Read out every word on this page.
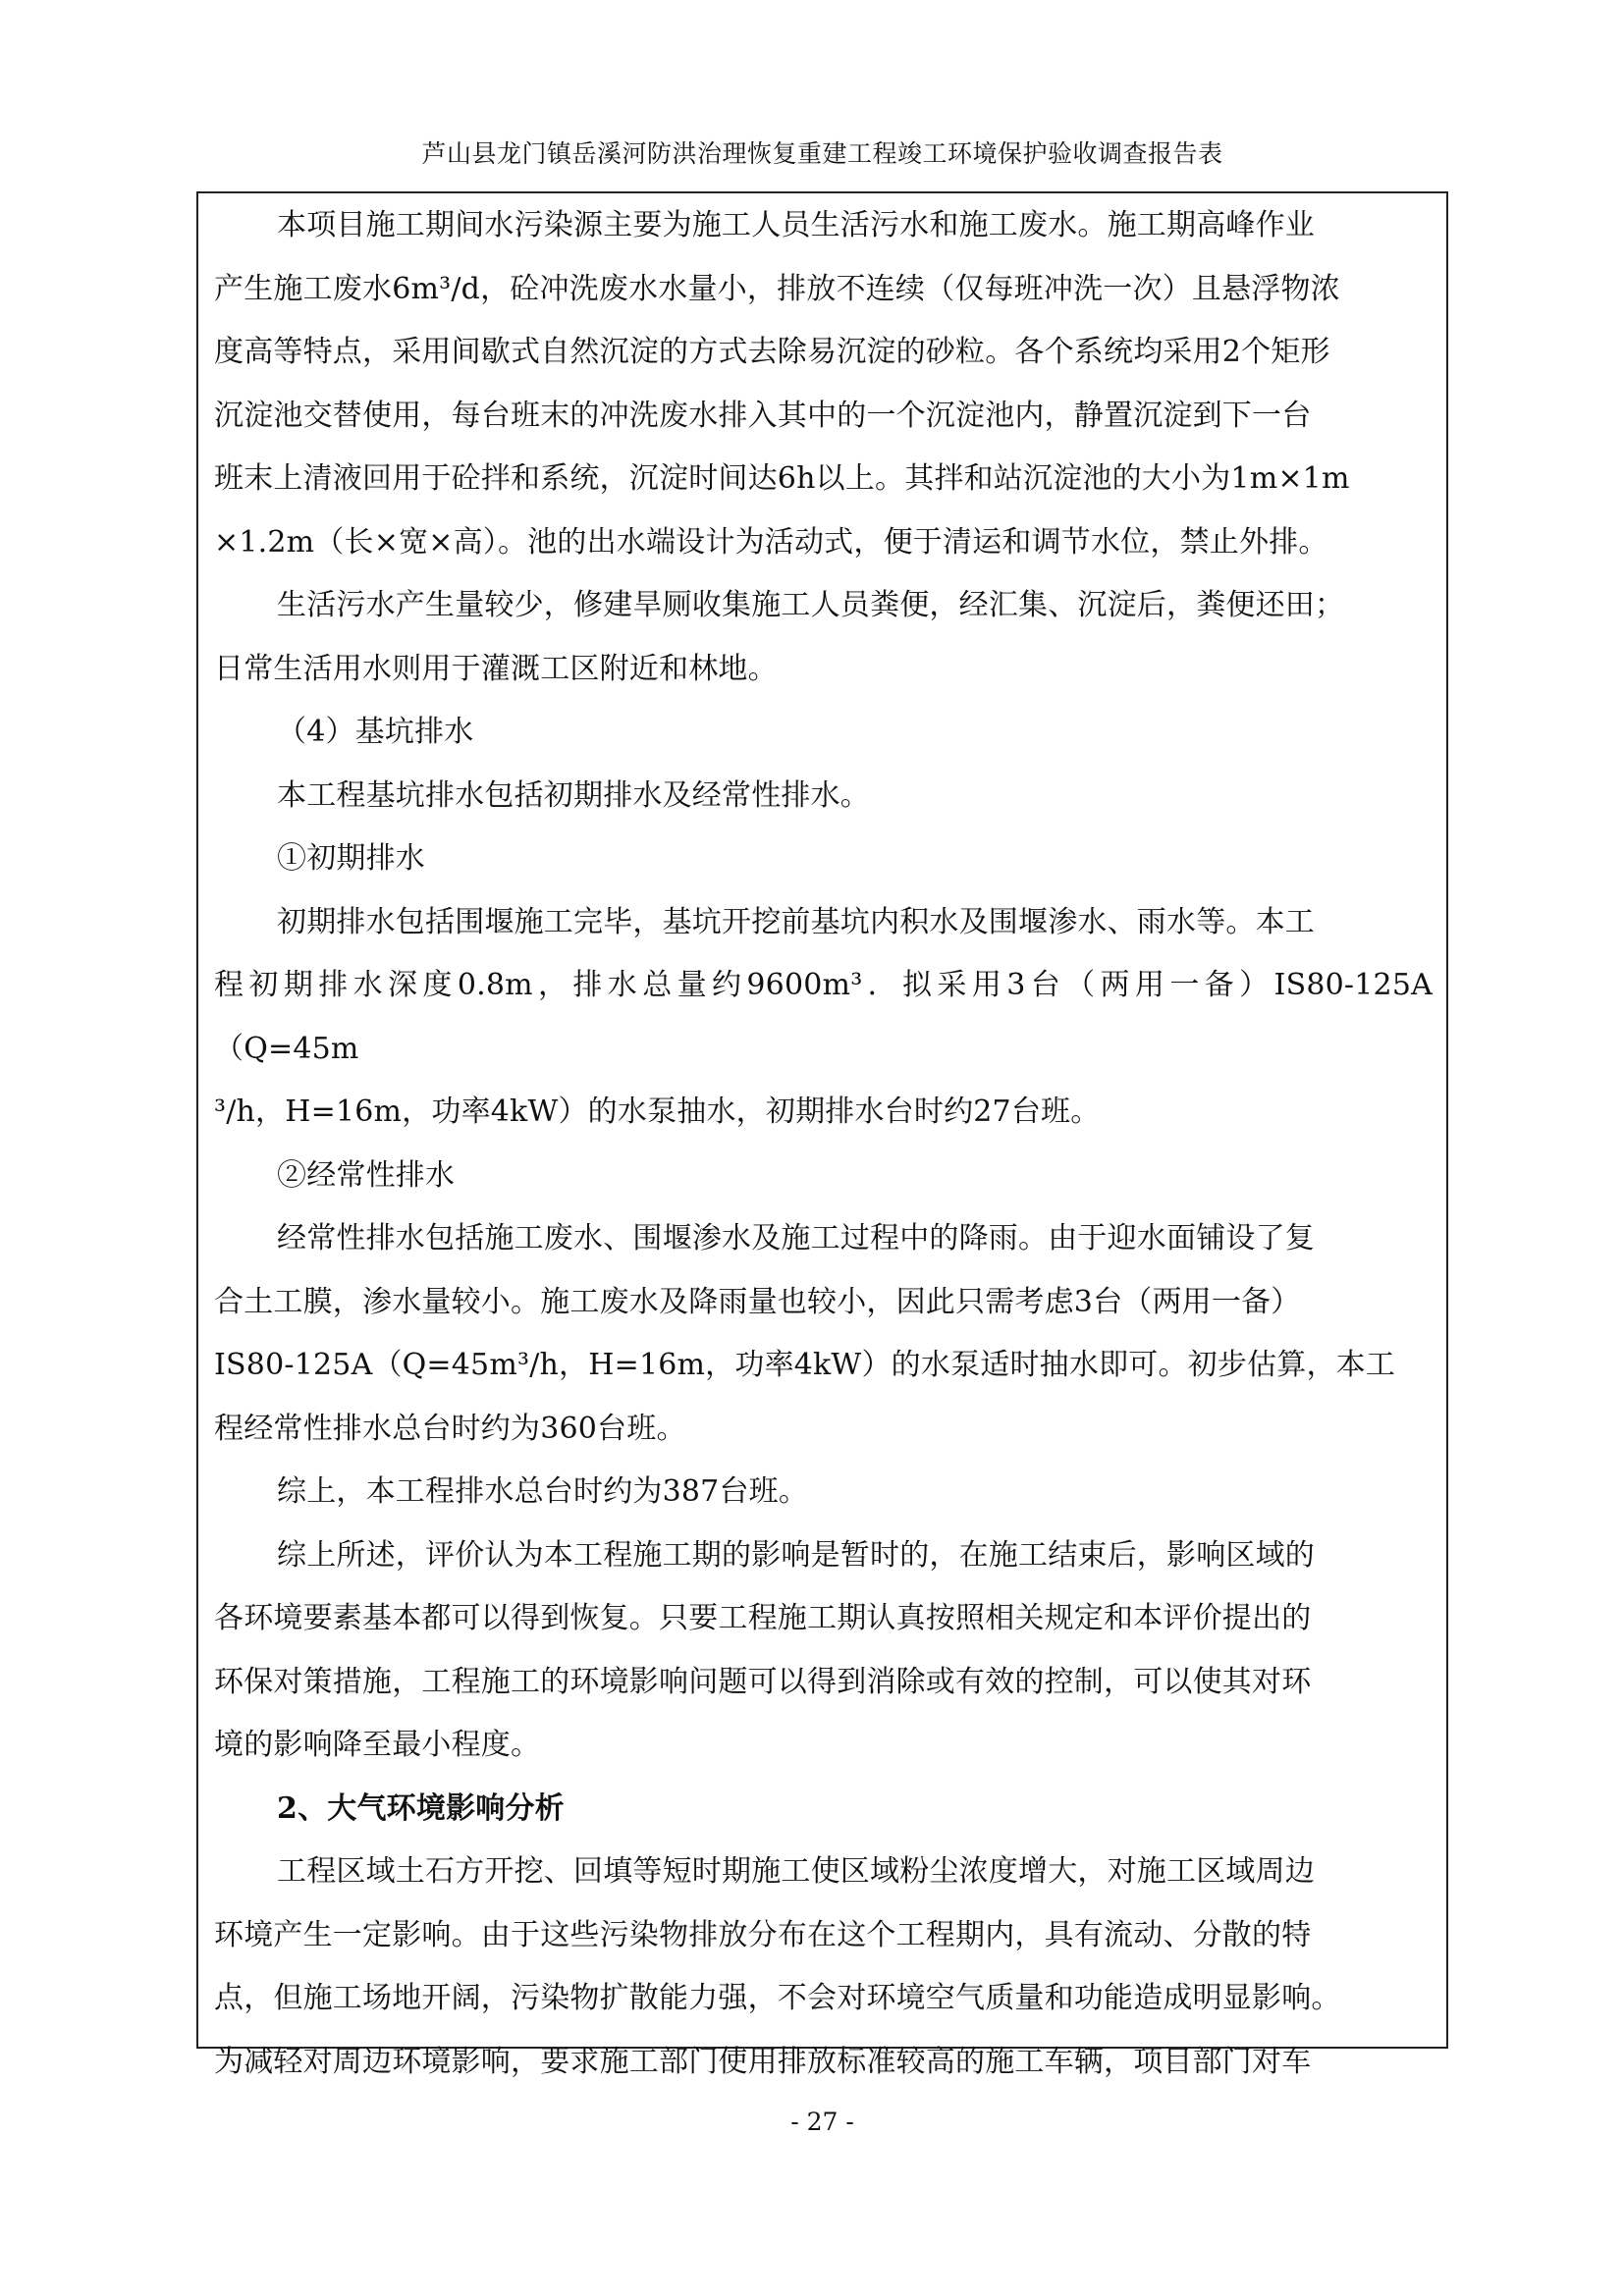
芦山县龙门镇岳溪河防洪治理恢复重建工程竣工环境保护验收调查报告表

本项目施工期间水污染源主要为施工人员生活污水和施工废水。施工期高峰作业

产生施工废水6m³/d，砼冲洗废水水量小，排放不连续（仅每班冲洗一次）且悬浮物浓

度高等特点，采用间歇式自然沉淀的方式去除易沉淀的砂粒。各个系统均采用2个矩形

沉淀池交替使用，每台班末的冲洗废水排入其中的一个沉淀池内，静置沉淀到下一台

班末上清液回用于砼拌和系统，沉淀时间达6h以上。其拌和站沉淀池的大小为1m×1m

×1.2m（长×宽×高）。池的出水端设计为活动式，便于清运和调节水位，禁止外排。

生活污水产生量较少，修建旱厕收集施工人员粪便，经汇集、沉淀后，粪便还田；

日常生活用水则用于灌溉工区附近和林地。

（4）基坑排水

本工程基坑排水包括初期排水及经常性排水。

①初期排水

初期排水包括围堰施工完毕，基坑开挖前基坑内积水及围堰渗水、雨水等。本工

程初期排水深度0.8m，排水总量约9600m³．拟采用3台（两用一备）IS80-125A（Q=45m

³/h，H=16m，功率4kW）的水泵抽水，初期排水台时约27台班。

②经常性排水

经常性排水包括施工废水、围堰渗水及施工过程中的降雨。由于迎水面铺设了复

合土工膜，渗水量较小。施工废水及降雨量也较小，因此只需考虑3台（两用一备）

IS80-125A（Q=45m³/h，H=16m，功率4kW）的水泵适时抽水即可。初步估算，本工

程经常性排水总台时约为360台班。

综上，本工程排水总台时约为387台班。

综上所述，评价认为本工程施工期的影响是暂时的，在施工结束后，影响区域的

各环境要素基本都可以得到恢复。只要工程施工期认真按照相关规定和本评价提出的

环保对策措施，工程施工的环境影响问题可以得到消除或有效的控制，可以使其对环

境的影响降至最小程度。

2、大气环境影响分析

工程区域土石方开挖、回填等短时期施工使区域粉尘浓度增大，对施工区域周边

环境产生一定影响。由于这些污染物排放分布在这个工程期内，具有流动、分散的特

点，但施工场地开阔，污染物扩散能力强，不会对环境空气质量和功能造成明显影响。

为减轻对周边环境影响，要求施工部门使用排放标准较高的施工车辆，项目部门对车

- 27 -
